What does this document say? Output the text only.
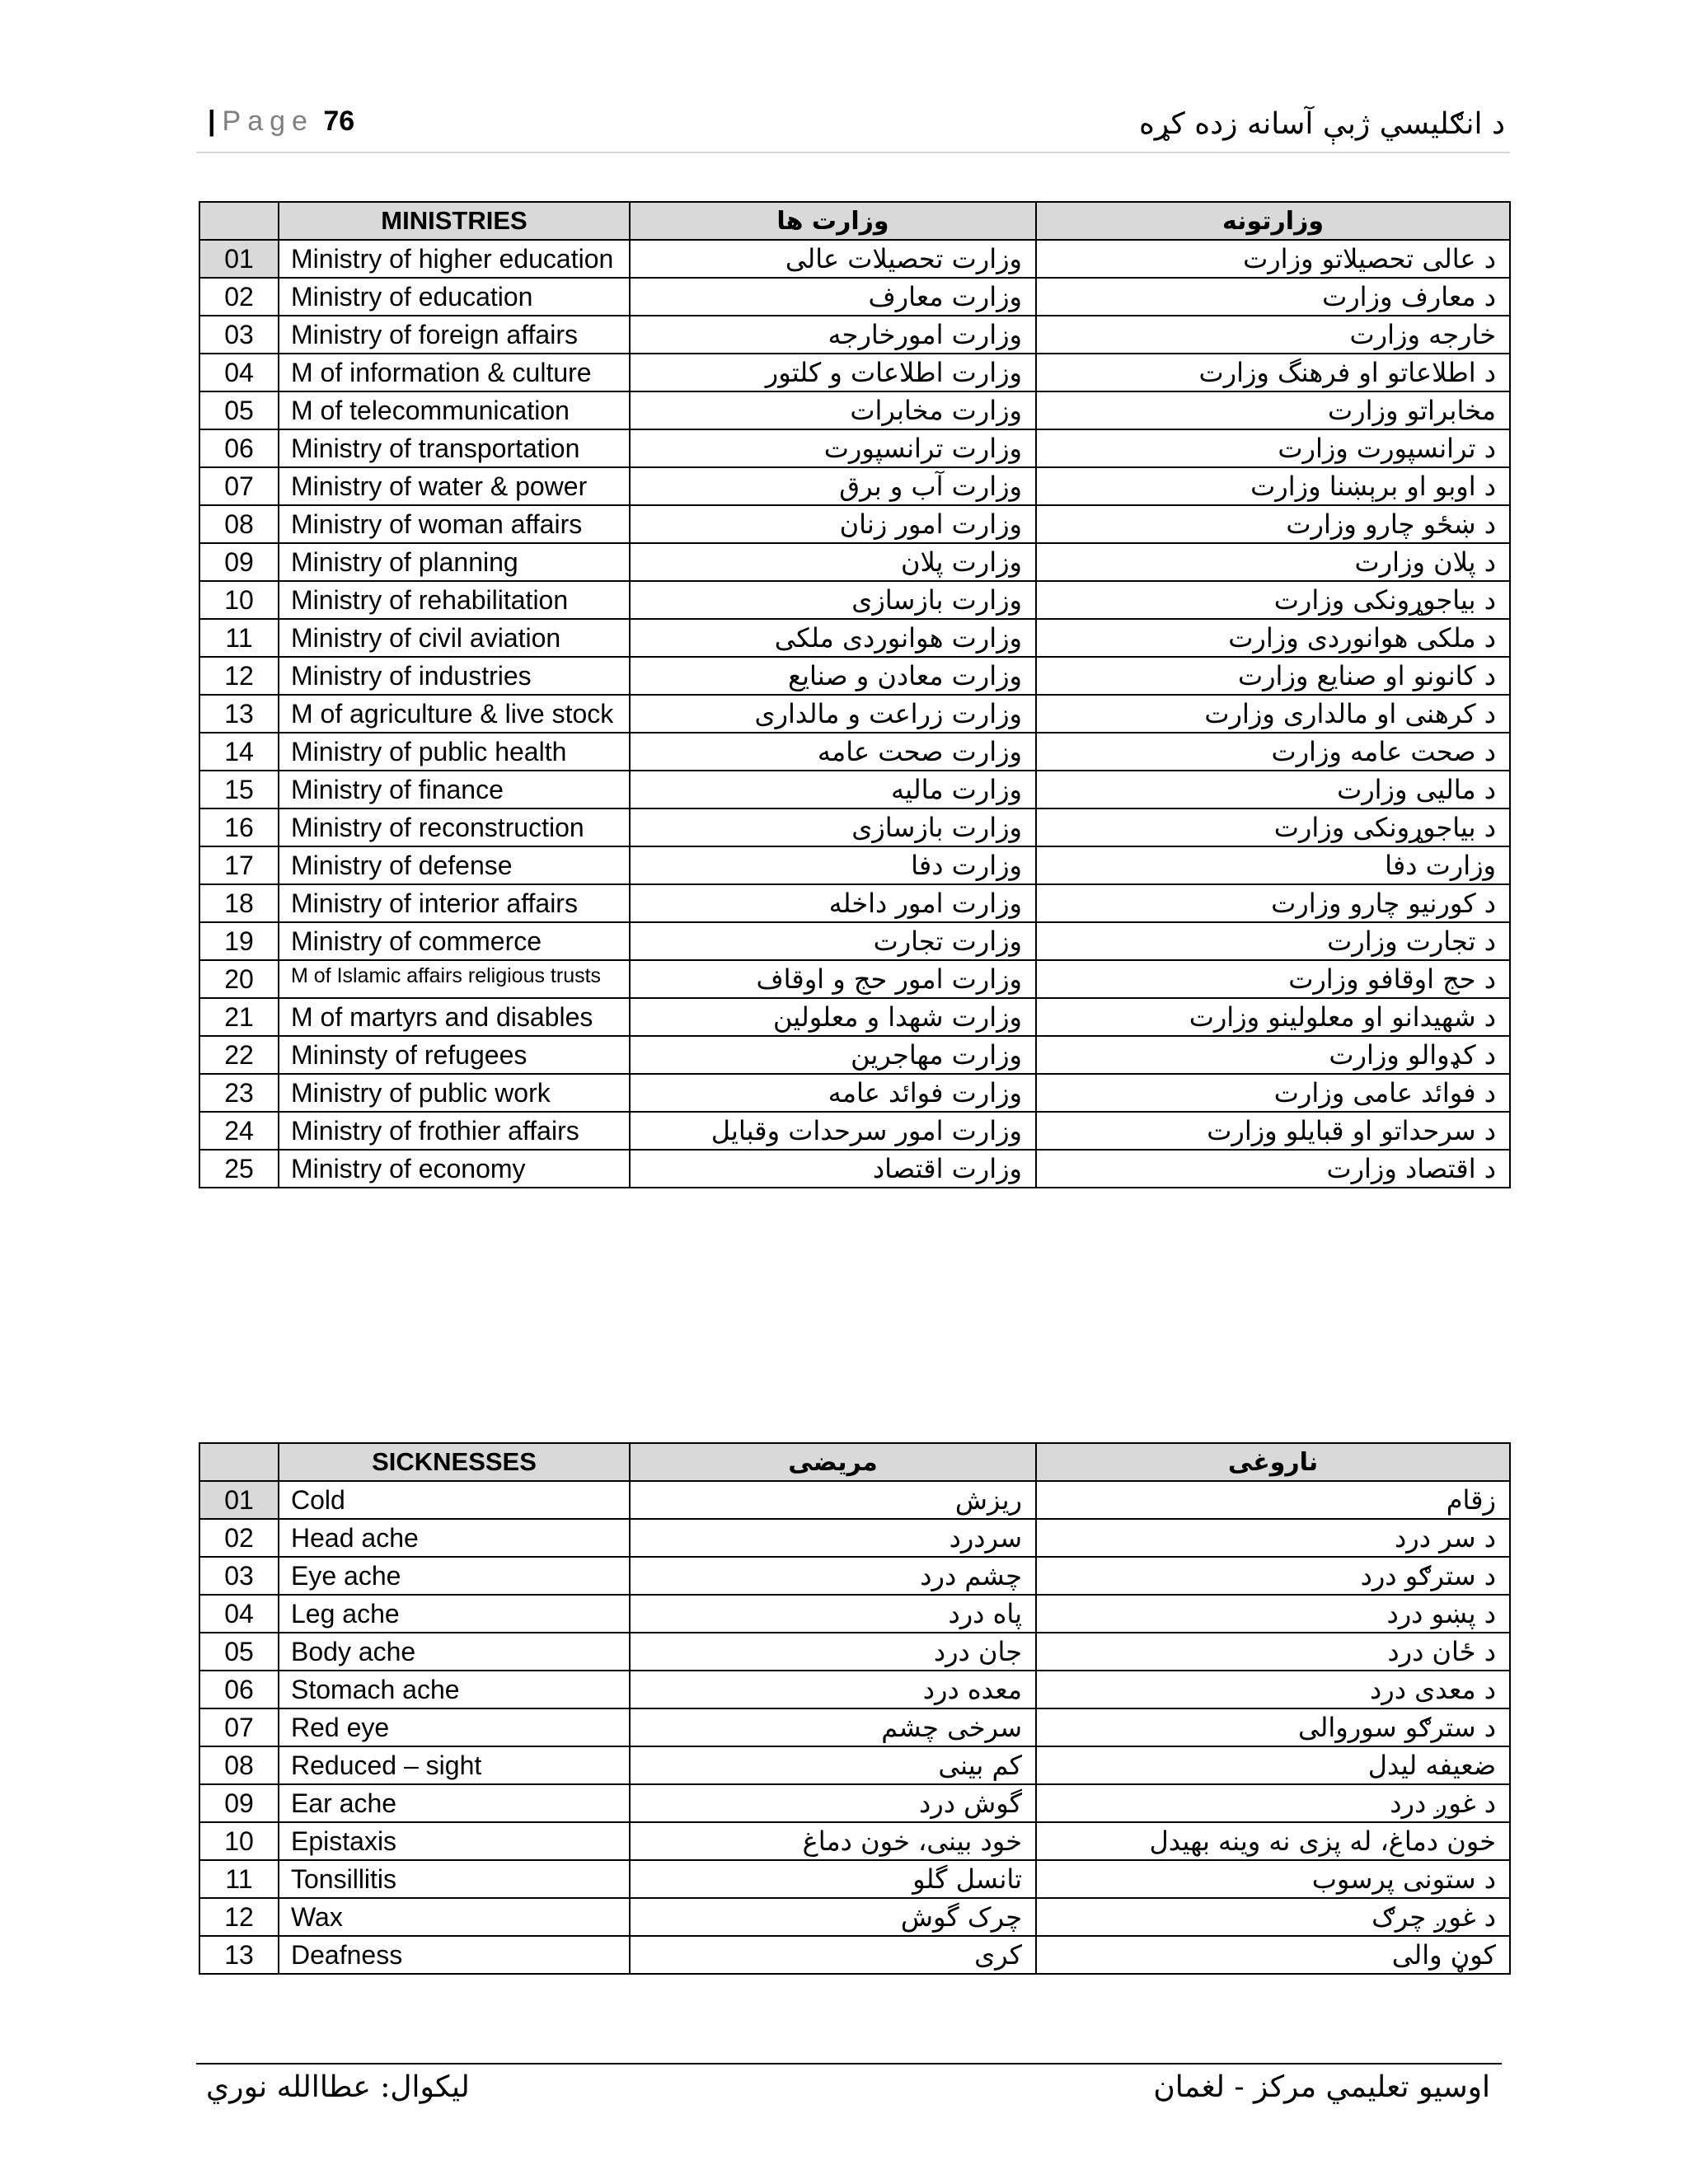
| Page 76	د انګليسي ژبې آسانه زده کړه
	MINISTRIES	وزارت ها	وزارتونه
01	Ministry of higher education	وزارت تحصیلات عالی	د عالی تحصیلاتو وزارت
02	Ministry of education	وزارت معارف	د معارف وزارت
03	Ministry of foreign affairs	وزارت امورخارجه	خارجه وزارت
04	M of information & culture	وزارت اطلاعات و کلتور	د اطلاعاتو او فرهنگ وزارت
05	M of telecommunication	وزارت مخابرات	مخابراتو وزارت
06	Ministry of transportation	وزارت ترانسپورت	د ترانسپورت وزارت
07	Ministry of water & power	وزارت آب و برق	د اوبو او برېښنا وزارت
08	Ministry of woman affairs	وزارت امور زنان	د ښځو چارو وزارت
09	Ministry of planning	وزارت پلان	د پلان وزارت
10	Ministry of rehabilitation	وزارت بازسازی	د بیاجوړونکی وزارت
11	Ministry of civil aviation	وزارت هوانوردی ملکی	د ملکی هوانوردی وزارت
12	Ministry of industries	وزارت معادن و صنایع	د کانونو او صنایع وزارت
13	M of agriculture & live stock	وزارت زراعت و مالداری	د کرهنی او مالداری وزارت
14	Ministry of public health	وزارت صحت عامه	د صحت عامه وزارت
15	Ministry of finance	وزارت مالیه	د مالیی وزارت
16	Ministry of reconstruction	وزارت بازسازی	د بیاجوړونکی وزارت
17	Ministry of defense	وزارت دفا	وزارت دفا
18	Ministry of interior affairs	وزارت امور داخله	د کورنیو چارو وزارت
19	Ministry of commerce	وزارت تجارت	د تجارت وزارت
20	M of Islamic affairs religious trusts	وزارت امور حج و اوقاف	د حج اوقافو وزارت
21	M of martyrs and disables	وزارت شهدا و معلولین	د شهیدانو او معلولینو وزارت
22	Mininsty of refugees	وزارت مهاجرین	د کډوالو وزارت
23	Ministry of public work	وزارت فوائد عامه	د فوائد عامی وزارت
24	Ministry of frothier affairs	وزارت امور سرحدات وقبایل	د سرحداتو او قبایلو وزارت
25	Ministry of economy	وزارت اقتصاد	د اقتصاد وزارت
	SICKNESSES	مریضی	ناروغی
01	Cold	ریزش	زقام
02	Head ache	سردرد	د سر درد
03	Eye ache	چشم درد	د سترګو درد
04	Leg ache	پاه درد	د پښو درد
05	Body ache	جان درد	د ځان درد
06	Stomach ache	معده درد	د معدی درد
07	Red eye	سرخی چشم	د سترګو سوروالی
08	Reduced – sight	کم بینی	ضعیفه لیدل
09	Ear ache	گوش درد	د غوږ درد
10	Epistaxis	خود بینی، خون دماغ	خون دماغ، له پزی نه وینه بهیدل
11	Tonsillitis	تانسل گلو	د ستونی پرسوب
12	Wax	چرک گوش	د غوږ چرګ
13	Deafness	کری	کوڼ والی
لیکوال: عطاالله نوري	اوسيو تعليمي مرکز - لغمان
